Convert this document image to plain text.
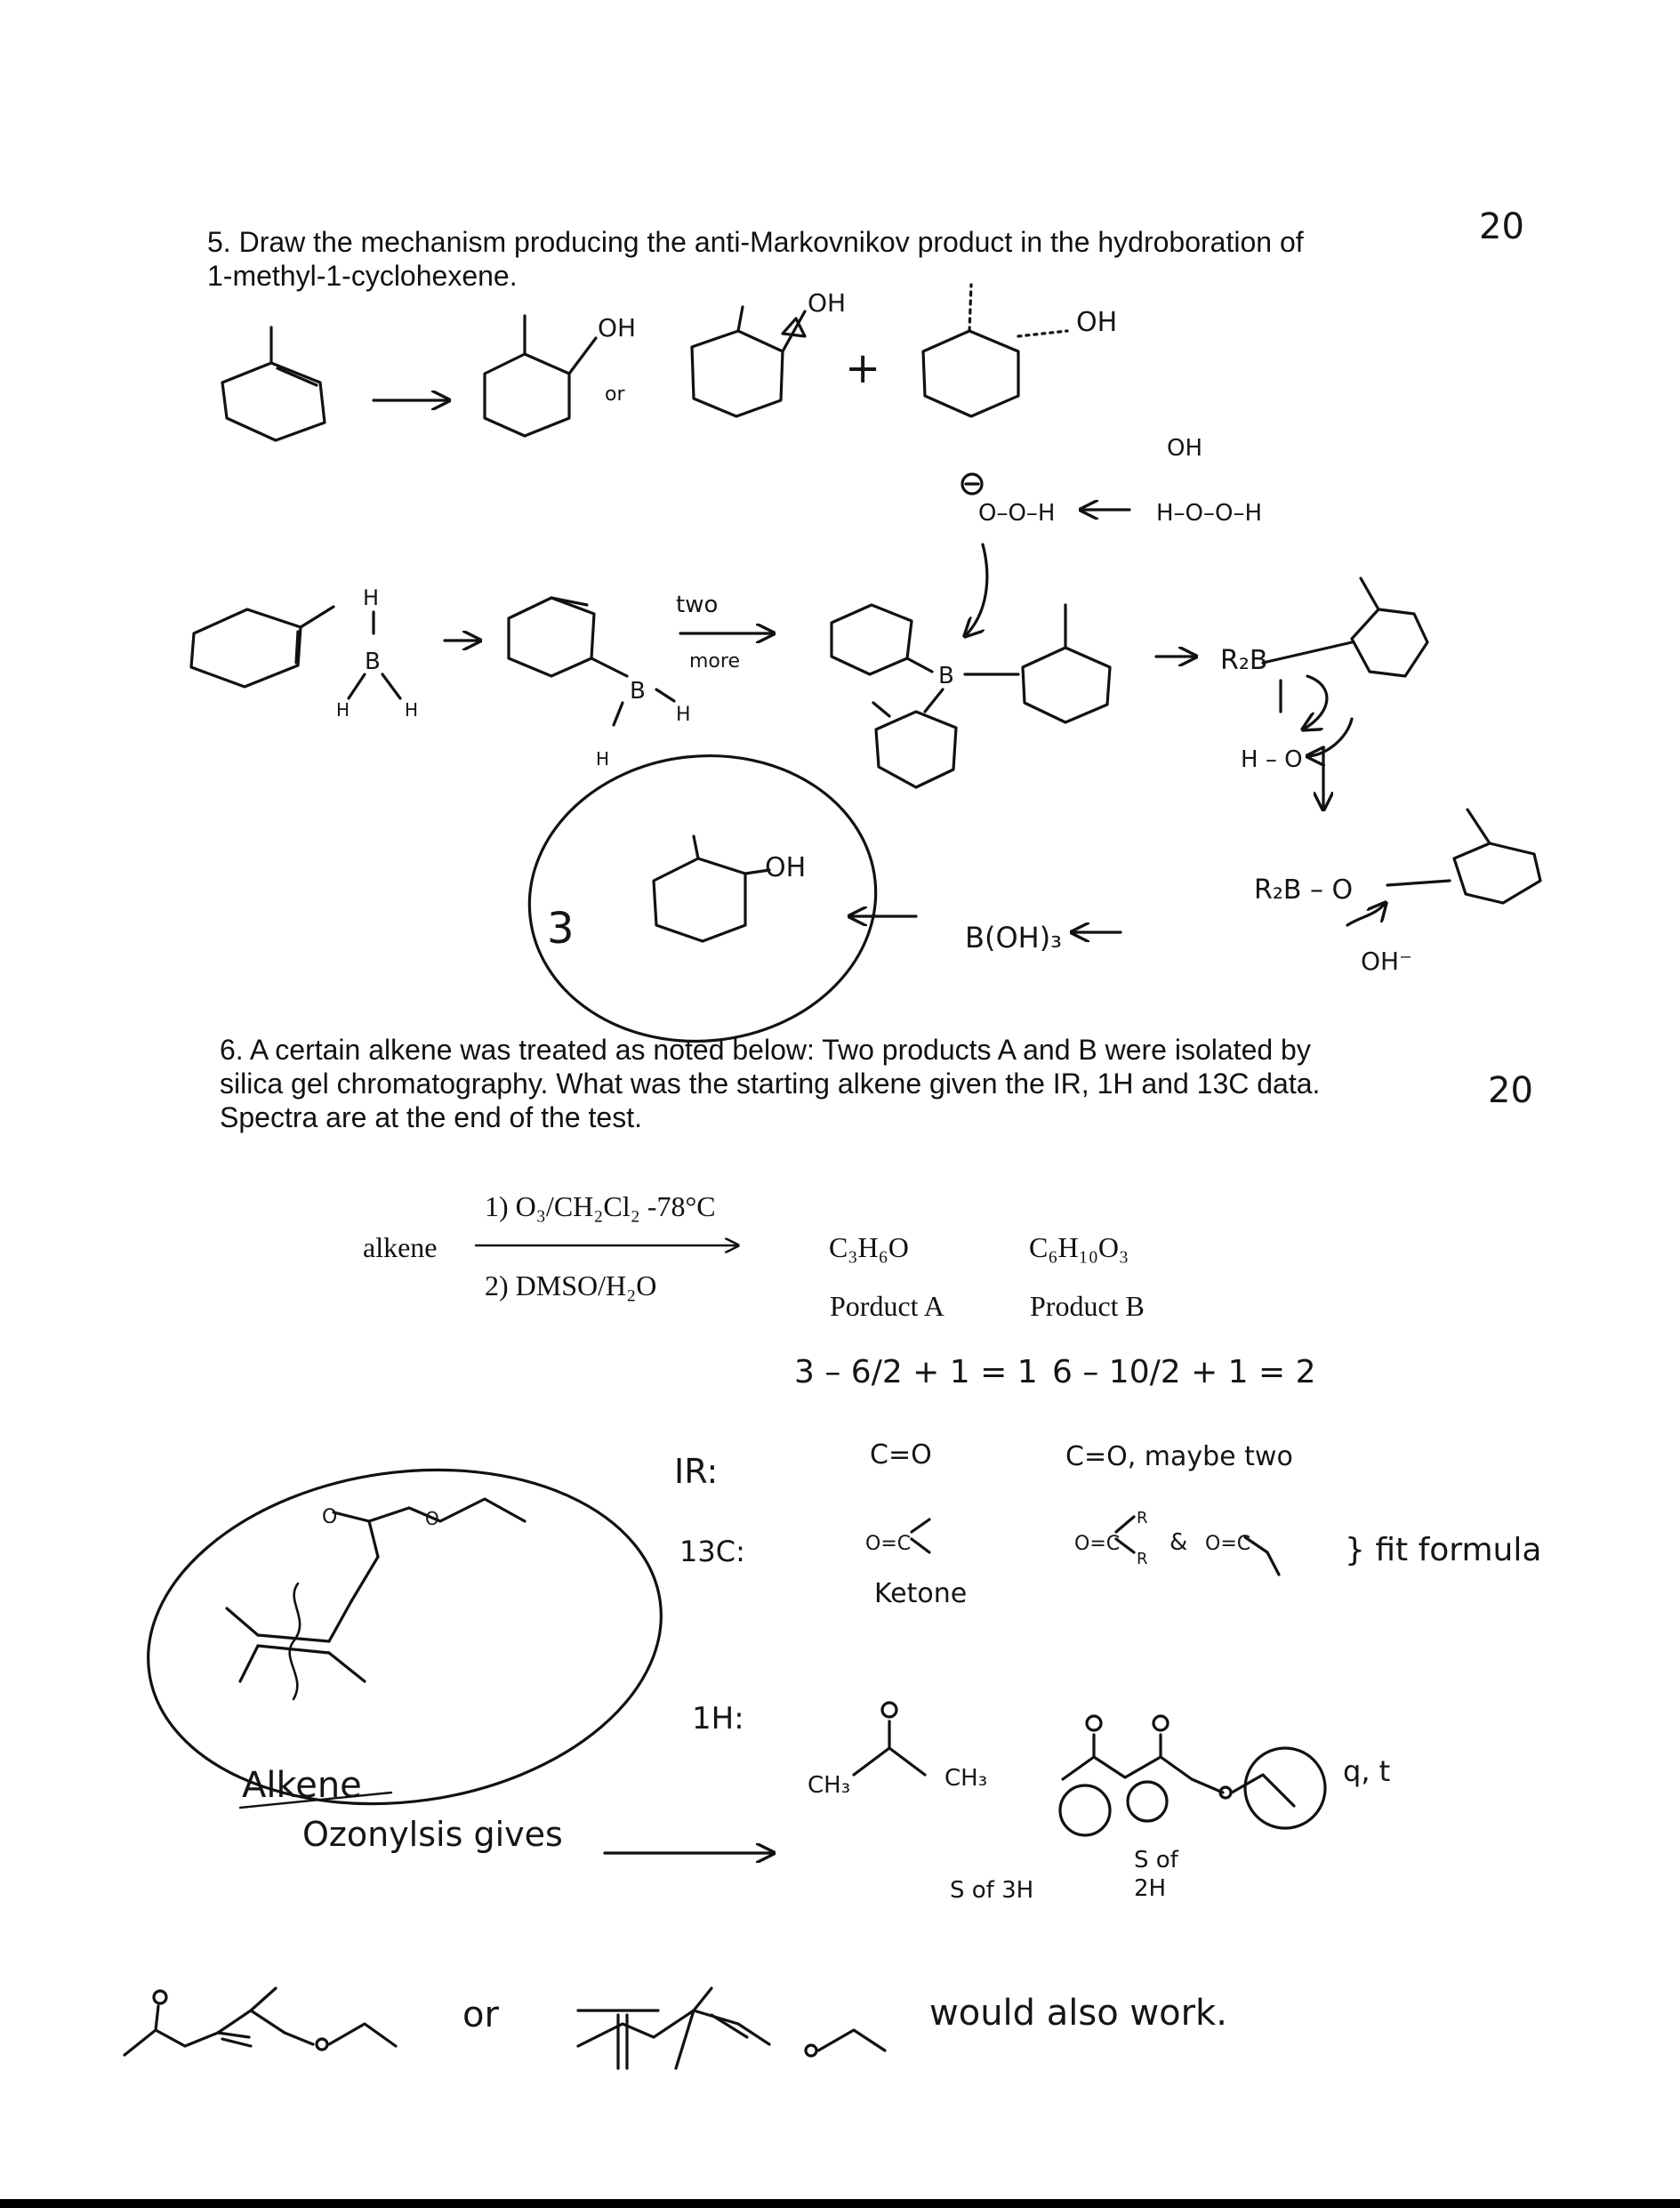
20
20
5. Draw the mechanism producing the anti-Markovnikov product in the hydroboration of
1-methyl-1-cyclohexene.
6. A certain alkene was treated as noted below: Two products A and B were isolated by
silica gel chromatography. What was the starting alkene given the IR, 1H and 13C data.
Spectra are at the end of the test.
alkene
1) O₃/CH₂Cl₂ -78°C
2) DMSO/H₂O
C₃H₆O	C₆H₁₀O₃
Porduct A	Product B
3 – 6/2 + 1 = 1 6 – 10/2 + 1 = 2
IR:	C=O	C=O, maybe two
13C:
Ketone
} fit formula
1H:
CH₃	CH₃	q, t
S of 3H
S of 2H
Alkene
Ozonylsis gives
or	would also work.
OH
or
OH
+
OH
OH
O–O–H	H–O–O–H
H
B
H	H
B
H
H
two
more
B	R₂B
H – O
3
OH
B(OH)₃
R₂B – O
OH⁻
O=C	O=C
R
R
& O=C
O	O
